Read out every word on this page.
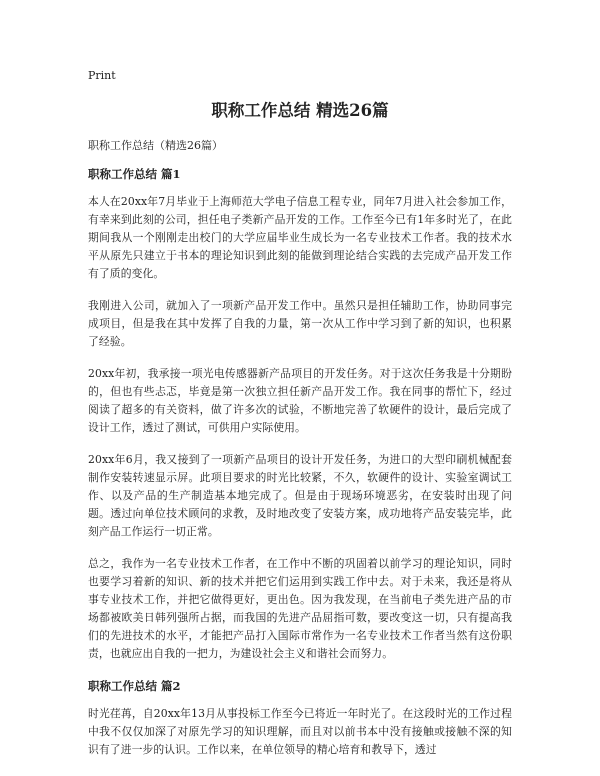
Print
职称工作总结 精选26篇
职称工作总结（精选26篇）
职称工作总结 篇1

本人在20xx年7月毕业于上海师范大学电子信息工程专业，同年7月进入社会参加工作，有幸来到此刻的公司，担任电子类新产品开发的工作。工作至今已有1年多时光了，在此期间我从一个刚刚走出校门的大学应届毕业生成长为一名专业技术工作者。我的技术水平从原先只建立于书本的理论知识到此刻的能做到理论结合实践的去完成产品开发工作有了质的变化。

我刚进入公司，就加入了一项新产品开发工作中。虽然只是担任辅助工作，协助同事完成项目，但是我在其中发挥了自我的力量，第一次从工作中学习到了新的知识，也积累了经验。

20xx年初，我承接一项光电传感器新产品项目的开发任务。对于这次任务我是十分期盼的，但也有些忐忑，毕竟是第一次独立担任新产品开发工作。我在同事的帮忙下，经过阅读了超多的有关资料，做了许多次的试验，不断地完善了软硬件的设计，最后完成了设计工作，透过了测试，可供用户实际使用。

20xx年6月，我又接到了一项新产品项目的设计开发任务，为进口的大型印刷机械配套制作安装转速显示屏。此项目要求的时光比较紧，不久，软硬件的设计、实验室调试工作、以及产品的生产制造基本地完成了。但是由于现场环境恶劣，在安装时出现了问题。透过向单位技术顾问的求教，及时地改变了安装方案，成功地将产品安装完毕，此刻产品工作运行一切正常。

总之，我作为一名专业技术工作者，在工作中不断的巩固着以前学习的理论知识，同时也要学习着新的知识、新的技术并把它们运用到实践工作中去。对于未来，我还是将从事专业技术工作，并把它做得更好，更出色。因为我发现，在当前电子类先进产品的市场都被欧美日韩列强所占据，而我国的先进产品屈指可数，要改变这一切，只有提高我们的先进技术的水平，才能把产品打入国际市常作为一名专业技术工作者当然有这份职责，也就应出自我的一把力，为建设社会主义和谐社会而努力。

职称工作总结 篇2

时光荏苒，自20xx年13月从事投标工作至今已将近一年时光了。在这段时光的工作过程中我不仅仅加深了对原先学习的知识理解，而且对以前书本中没有接触或接触不深的知识有了进一步的认识。工作以来，在单位领导的精心培育和教导下，透过
